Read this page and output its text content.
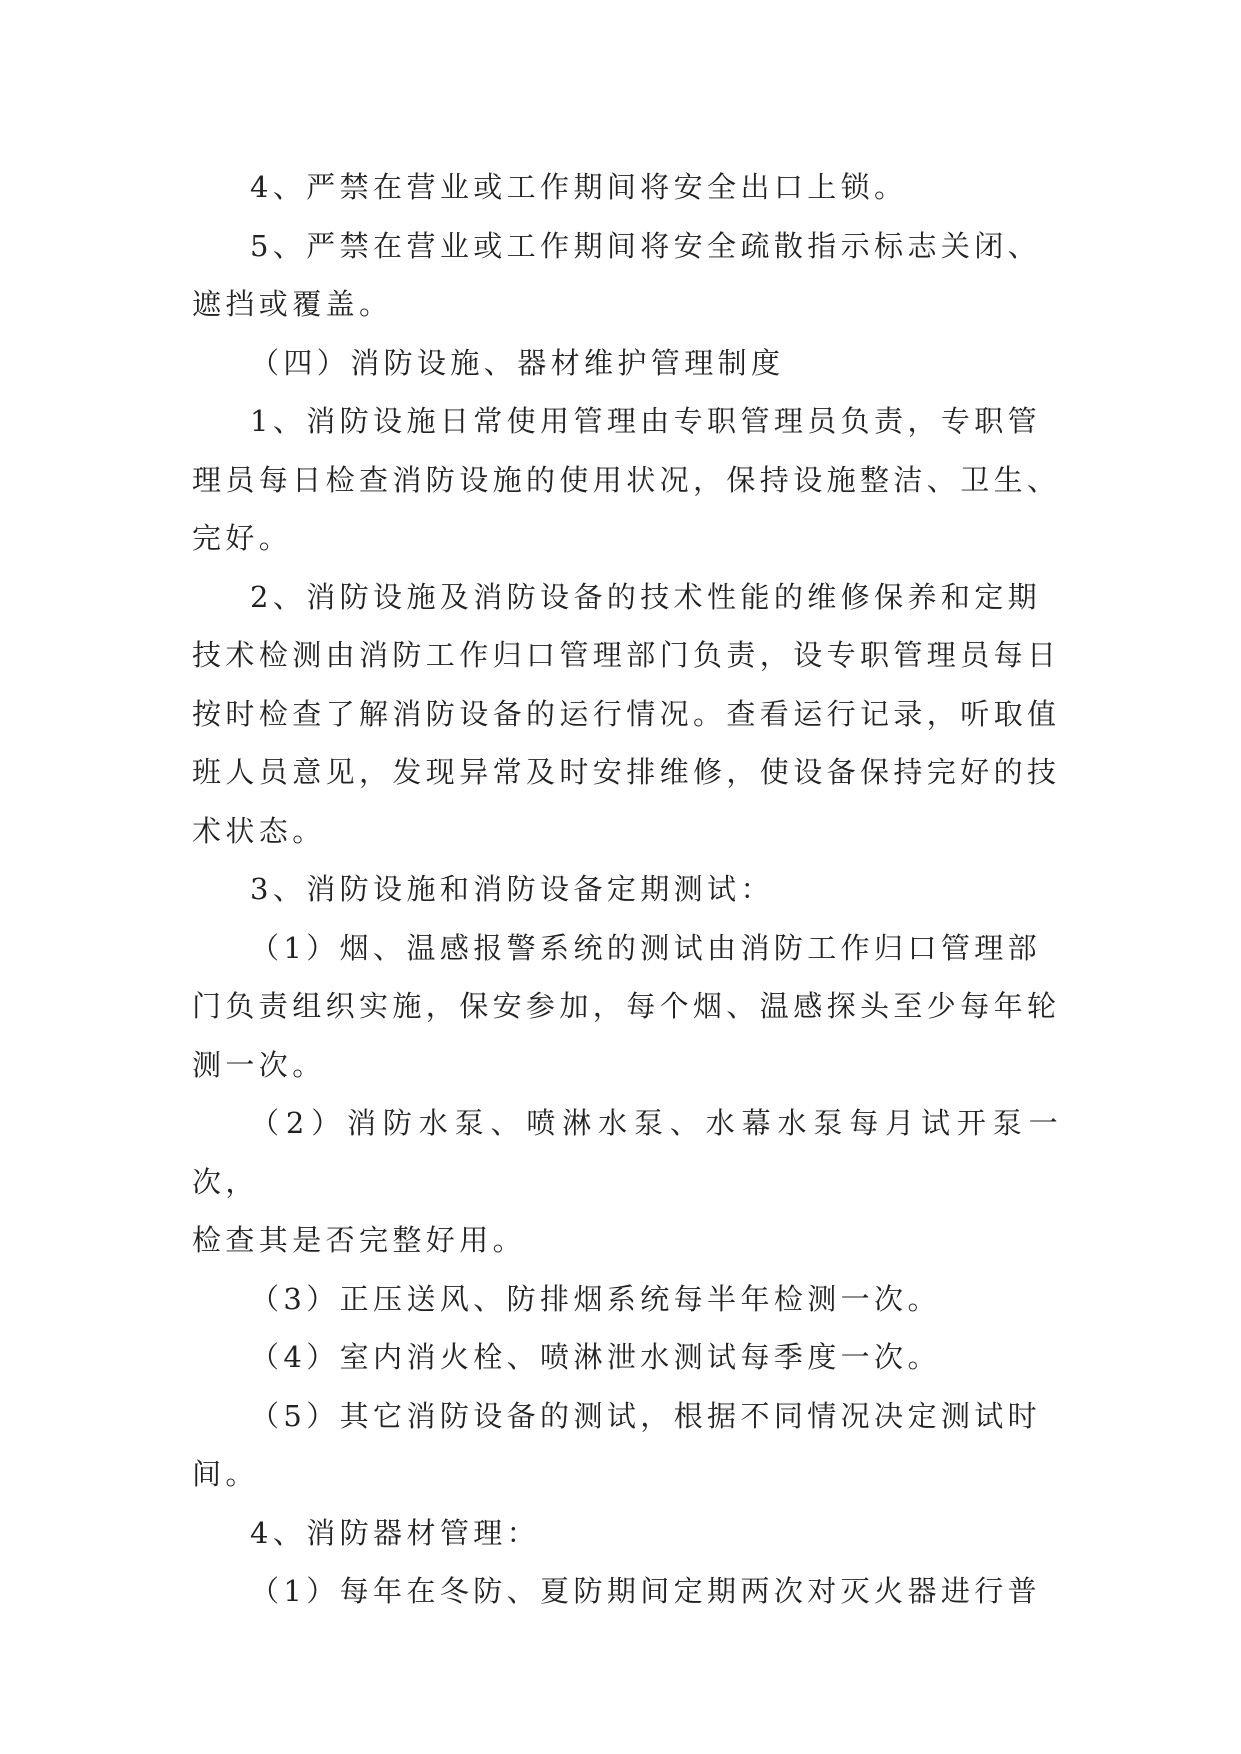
4、严禁在营业或工作期间将安全出口上锁。

5、严禁在营业或工作期间将安全疏散指示标志关闭、
遮挡或覆盖。

（四）消防设施、器材维护管理制度

1、消防设施日常使用管理由专职管理员负责，专职管
理员每日检查消防设施的使用状况，保持设施整洁、卫生、
完好。

2、消防设施及消防设备的技术性能的维修保养和定期
技术检测由消防工作归口管理部门负责，设专职管理员每日
按时检查了解消防设备的运行情况。查看运行记录，听取值
班人员意见，发现异常及时安排维修，使设备保持完好的技
术状态。

3、消防设施和消防设备定期测试：

（1）烟、温感报警系统的测试由消防工作归口管理部
门负责组织实施，保安参加，每个烟、温感探头至少每年轮
测一次。

（2）消防水泵、喷淋水泵、水幕水泵每月试开泵一次，
检查其是否完整好用。

（3）正压送风、防排烟系统每半年检测一次。

（4）室内消火栓、喷淋泄水测试每季度一次。

（5）其它消防设备的测试，根据不同情况决定测试时
间。

4、消防器材管理：

（1）每年在冬防、夏防期间定期两次对灭火器进行普
